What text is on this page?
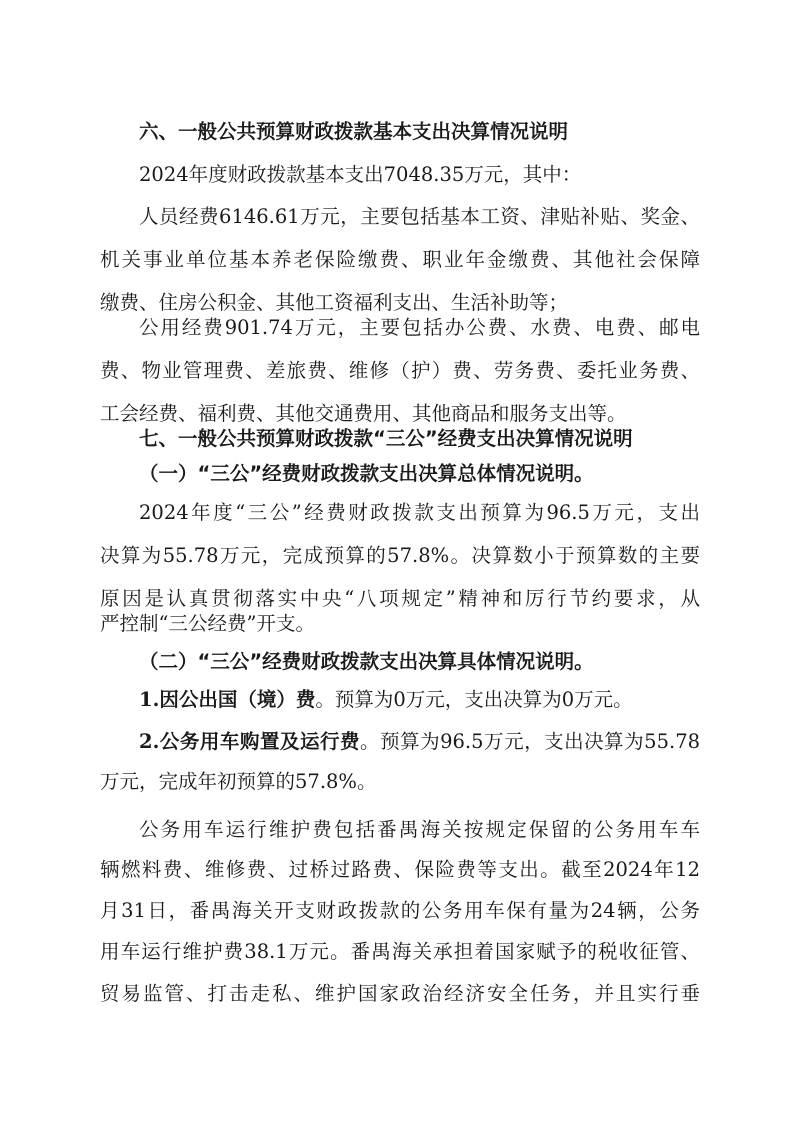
六、一般公共预算财政拨款基本支出决算情况说明
2024年度财政拨款基本支出7048.35万元，其中：
人员经费6146.61万元，主要包括基本工资、津贴补贴、奖金、
机关事业单位基本养老保险缴费、职业年金缴费、其他社会保障
缴费、住房公积金、其他工资福利支出、生活补助等；
公用经费901.74万元，主要包括办公费、水费、电费、邮电
费、物业管理费、差旅费、维修（护）费、劳务费、委托业务费、
工会经费、福利费、其他交通费用、其他商品和服务支出等。
七、一般公共预算财政拨款“三公”经费支出决算情况说明
（一）“三公”经费财政拨款支出决算总体情况说明。
2024年度“三公”经费财政拨款支出预算为96.5万元，支出
决算为55.78万元，完成预算的57.8%。决算数小于预算数的主要
原因是认真贯彻落实中央“八项规定”精神和厉行节约要求，从
严控制“三公经费”开支。
（二）“三公”经费财政拨款支出决算具体情况说明。
1.因公出国（境）费。预算为0万元，支出决算为0万元。
2.公务用车购置及运行费。预算为96.5万元，支出决算为55.78
万元，完成年初预算的57.8%。
公务用车运行维护费包括番禺海关按规定保留的公务用车车
辆燃料费、维修费、过桥过路费、保险费等支出。截至2024年12
月31日，番禺海关开支财政拨款的公务用车保有量为24辆，公务
用车运行维护费38.1万元。番禺海关承担着国家赋予的税收征管、
贸易监管、打击走私、维护国家政治经济安全任务，并且实行垂
